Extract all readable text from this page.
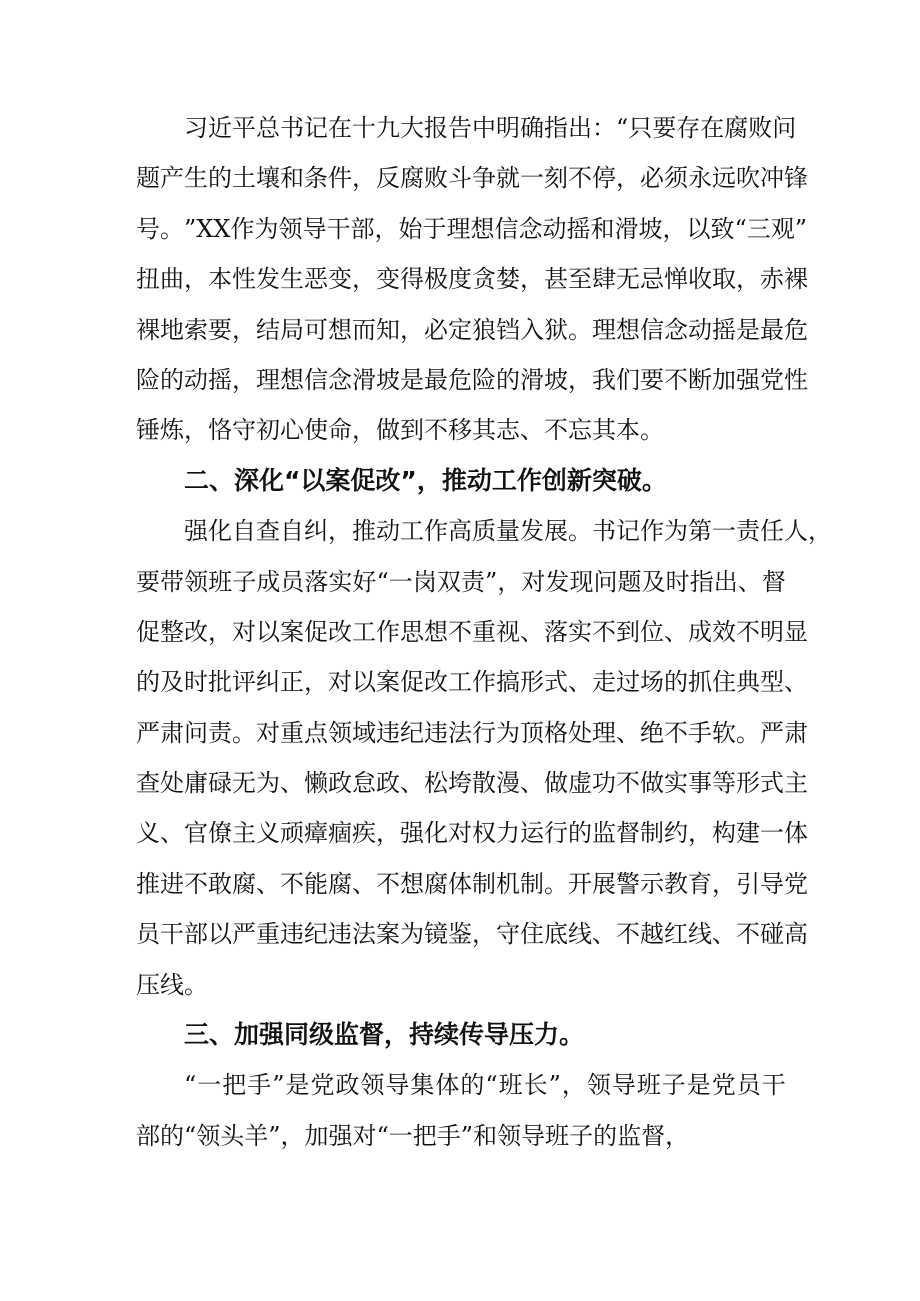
习 近 平 总 书 记 在 十 九 大 报 告 中 明 确 指 出 ： “ 只 要 存 在 腐 败 问
题 产 生 的 土 壤 和 条 件 ， 反 腐 败 斗 争 就 一 刻 不 停 ， 必 须 永 远 吹 冲 锋
号 。 ” X X 作 为 领 导 干 部 ， 始 于 理 想 信 念 动 摇 和 滑 坡 ， 以 致 “ 三 观 ”
扭 曲 ， 本 性 发 生 恶 变 ， 变 得 极 度 贪 婪 ， 甚 至 肆 无 忌 惮 收 取 ， 赤 裸
裸 地 索 要 ， 结 局 可 想 而 知 ， 必 定 狼 铛 入 狱 。 理 想 信 念 动 摇 是 最 危
险 的 动 摇 ， 理 想 信 念 滑 坡 是 最 危 险 的 滑 坡 ， 我 们 要 不 断 加 强 党 性
锤炼，恪守初心使命，做到不移其志、不忘其本。
二、深化“以案促改”，推动工作创新突破。
强 化 自 查 自 纠 ， 推 动 工 作 高 质 量 发 展 。 书 记 作 为 第 一 责 任 人 ，
要 带 领 班 子 成 员 落 实 好 “ 一 岗 双 责 ” ， 对 发 现 问 题 及 时 指 出 、 督
促 整 改 ， 对 以 案 促 改 工 作 思 想 不 重 视 、 落 实 不 到 位 、 成 效 不 明 显
的 及 时 批 评 纠 正 ， 对 以 案 促 改 工 作 搞 形 式 、 走 过 场 的 抓 住 典 型 、
严 肃 问 责 。 对 重 点 领 域 违 纪 违 法 行 为 顶 格 处 理 、 绝 不 手 软 。 严 肃
查 处 庸 碌 无 为 、 懒 政 怠 政 、 松 垮 散 漫 、 做 虚 功 不 做 实 事 等 形 式 主
义 、 官 僚 主 义 顽 瘴 痼 疾 ， 强 化 对 权 力 运 行 的 监 督 制 约 ， 构 建 一 体
推 进 不 敢 腐 、 不 能 腐 、 不 想 腐 体 制 机 制 。 开 展 警 示 教 育 ， 引 导 党
员 干 部 以 严 重 违 纪 违 法 案 为 镜 鉴 ， 守 住 底 线 、 不 越 红 线 、 不 碰 高
压线。
三、加强同级监督，持续传导压力。
“ 一 把 手 ” 是 党 政 领 导 集 体 的 “ 班 长 ” ， 领 导 班 子 是 党 员 干
部的“领头羊”，加强对“一把手”和领导班子的监督，
